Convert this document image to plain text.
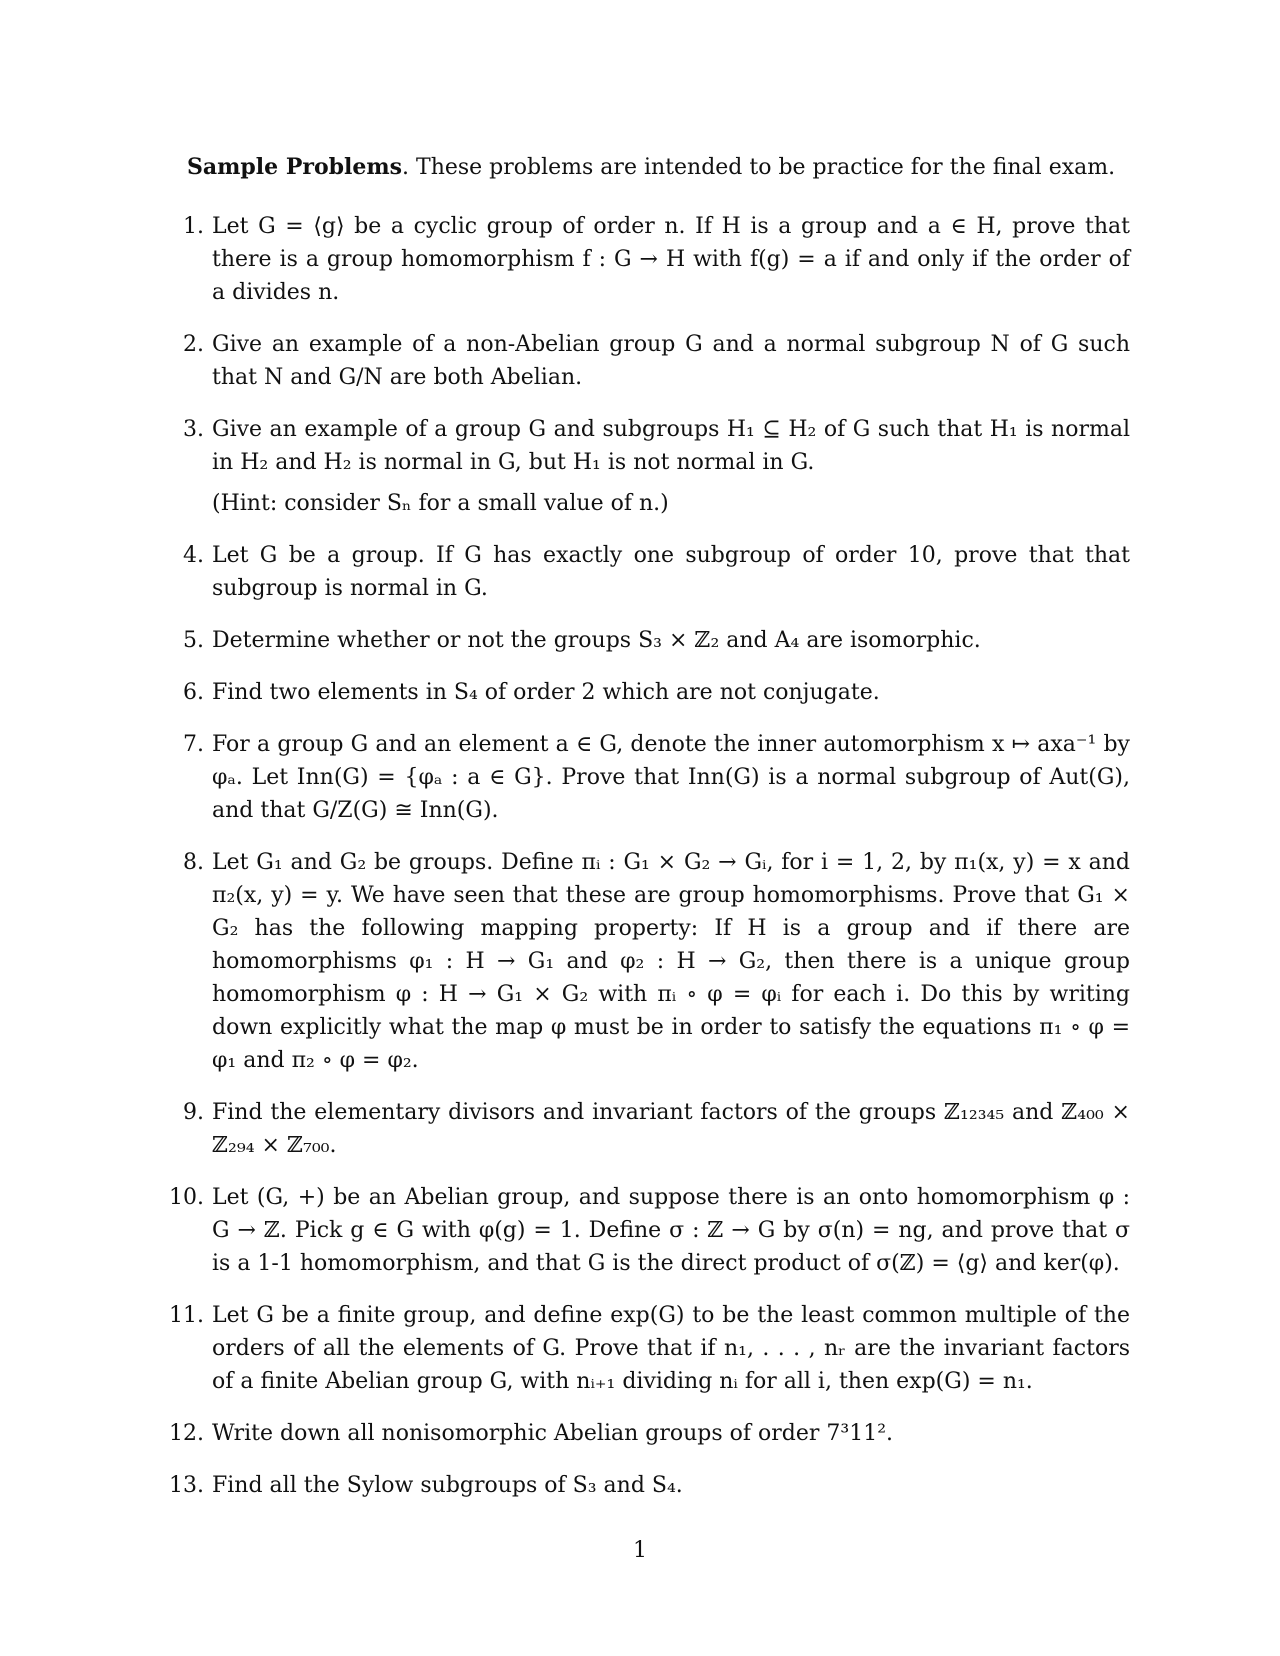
Sample Problems. These problems are intended to be practice for the final exam.
1. Let G = ⟨g⟩ be a cyclic group of order n. If H is a group and a ∈ H, prove that there is a group homomorphism f : G → H with f(g) = a if and only if the order of a divides n.
2. Give an example of a non-Abelian group G and a normal subgroup N of G such that N and G/N are both Abelian.
3. Give an example of a group G and subgroups H₁ ⊆ H₂ of G such that H₁ is normal in H₂ and H₂ is normal in G, but H₁ is not normal in G.
(Hint: consider Sₙ for a small value of n.)
4. Let G be a group. If G has exactly one subgroup of order 10, prove that that subgroup is normal in G.
5. Determine whether or not the groups S₃ × ℤ₂ and A₄ are isomorphic.
6. Find two elements in S₄ of order 2 which are not conjugate.
7. For a group G and an element a ∈ G, denote the inner automorphism x ↦ axa⁻¹ by φₐ. Let Inn(G) = {φₐ : a ∈ G}. Prove that Inn(G) is a normal subgroup of Aut(G), and that G/Z(G) ≅ Inn(G).
8. Let G₁ and G₂ be groups. Define πᵢ : G₁ × G₂ → Gᵢ, for i = 1, 2, by π₁(x, y) = x and π₂(x, y) = y. We have seen that these are group homomorphisms. Prove that G₁ × G₂ has the following mapping property: If H is a group and if there are homomorphisms φ₁ : H → G₁ and φ₂ : H → G₂, then there is a unique group homomorphism φ : H → G₁ × G₂ with πᵢ ∘ φ = φᵢ for each i. Do this by writing down explicitly what the map φ must be in order to satisfy the equations π₁ ∘ φ = φ₁ and π₂ ∘ φ = φ₂.
9. Find the elementary divisors and invariant factors of the groups ℤ₁₂₃₄₅ and ℤ₄₀₀ × ℤ₂₉₄ × ℤ₇₀₀.
10. Let (G, +) be an Abelian group, and suppose there is an onto homomorphism φ : G → ℤ. Pick g ∈ G with φ(g) = 1. Define σ : ℤ → G by σ(n) = ng, and prove that σ is a 1-1 homomorphism, and that G is the direct product of σ(ℤ) = ⟨g⟩ and ker(φ).
11. Let G be a finite group, and define exp(G) to be the least common multiple of the orders of all the elements of G. Prove that if n₁, . . . , nᵣ are the invariant factors of a finite Abelian group G, with nᵢ₊₁ dividing nᵢ for all i, then exp(G) = n₁.
12. Write down all nonisomorphic Abelian groups of order 7³11².
13. Find all the Sylow subgroups of S₃ and S₄.
1
